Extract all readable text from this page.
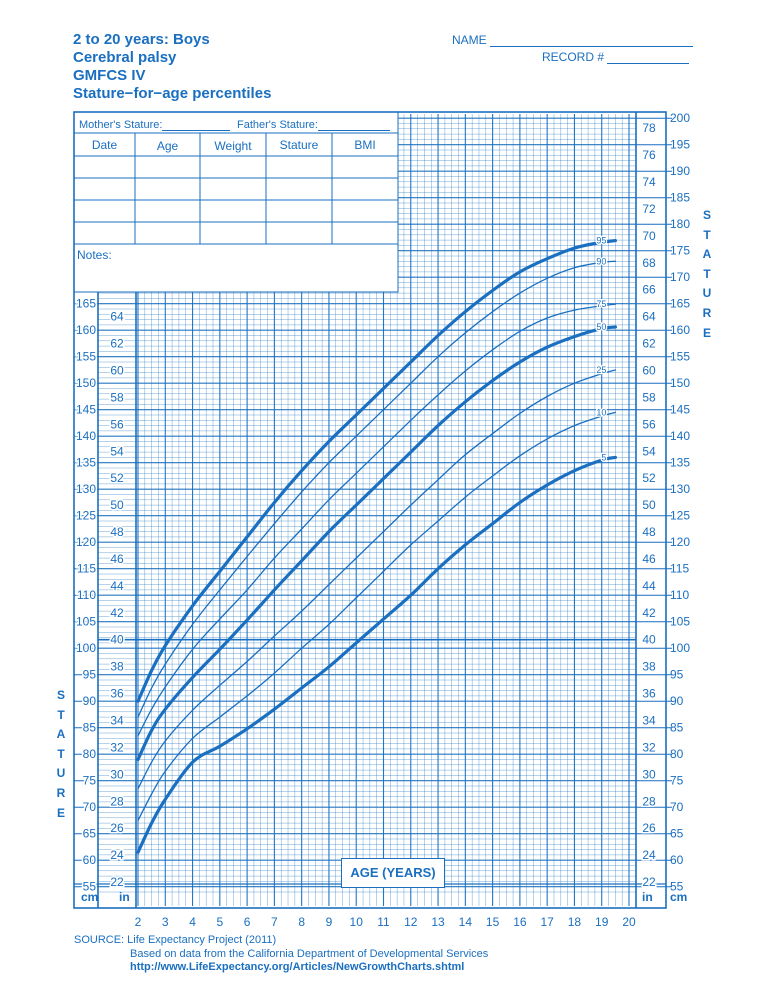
55
60
65
70
75
80
85
90
95
100
105
110
115
120
125
130
135
140
145
150
155
160
165
22
24
26
28
30
32
34
36
38
40
42
44
46
48
50
52
54
56
58
60
62
64
22
24
26
28
30
32
34
36
38
40
42
44
46
48
50
52
54
56
58
60
62
64
66
68
70
72
74
76
78
55
60
65
70
75
80
85
90
95
100
105
110
115
120
125
130
135
140
145
150
155
160
165
170
175
180
185
190
195
200
2 3 4 5 6 7 8 9 10 11 12 13 14 15 16 17 18 19 20
95
90
75
50
25
10
5
2 to 20 years: Boys
Cerebral palsy
GMFCS IV
Stature−for−age percentiles
NAME
RECORD #
Mother's Stature:	Father's Stature:
Date	Age	Weight	Stature	BMI
Notes:
S
T
A
T
U
R
E
S
T
A
T
U
R
E
AGE (YEARS)
cm in	in cm
SOURCE: Life Expectancy Project (2011)
Based on data from the California Department of Developmental Services
http://www.LifeExpectancy.org/Articles/NewGrowthCharts.shtml
